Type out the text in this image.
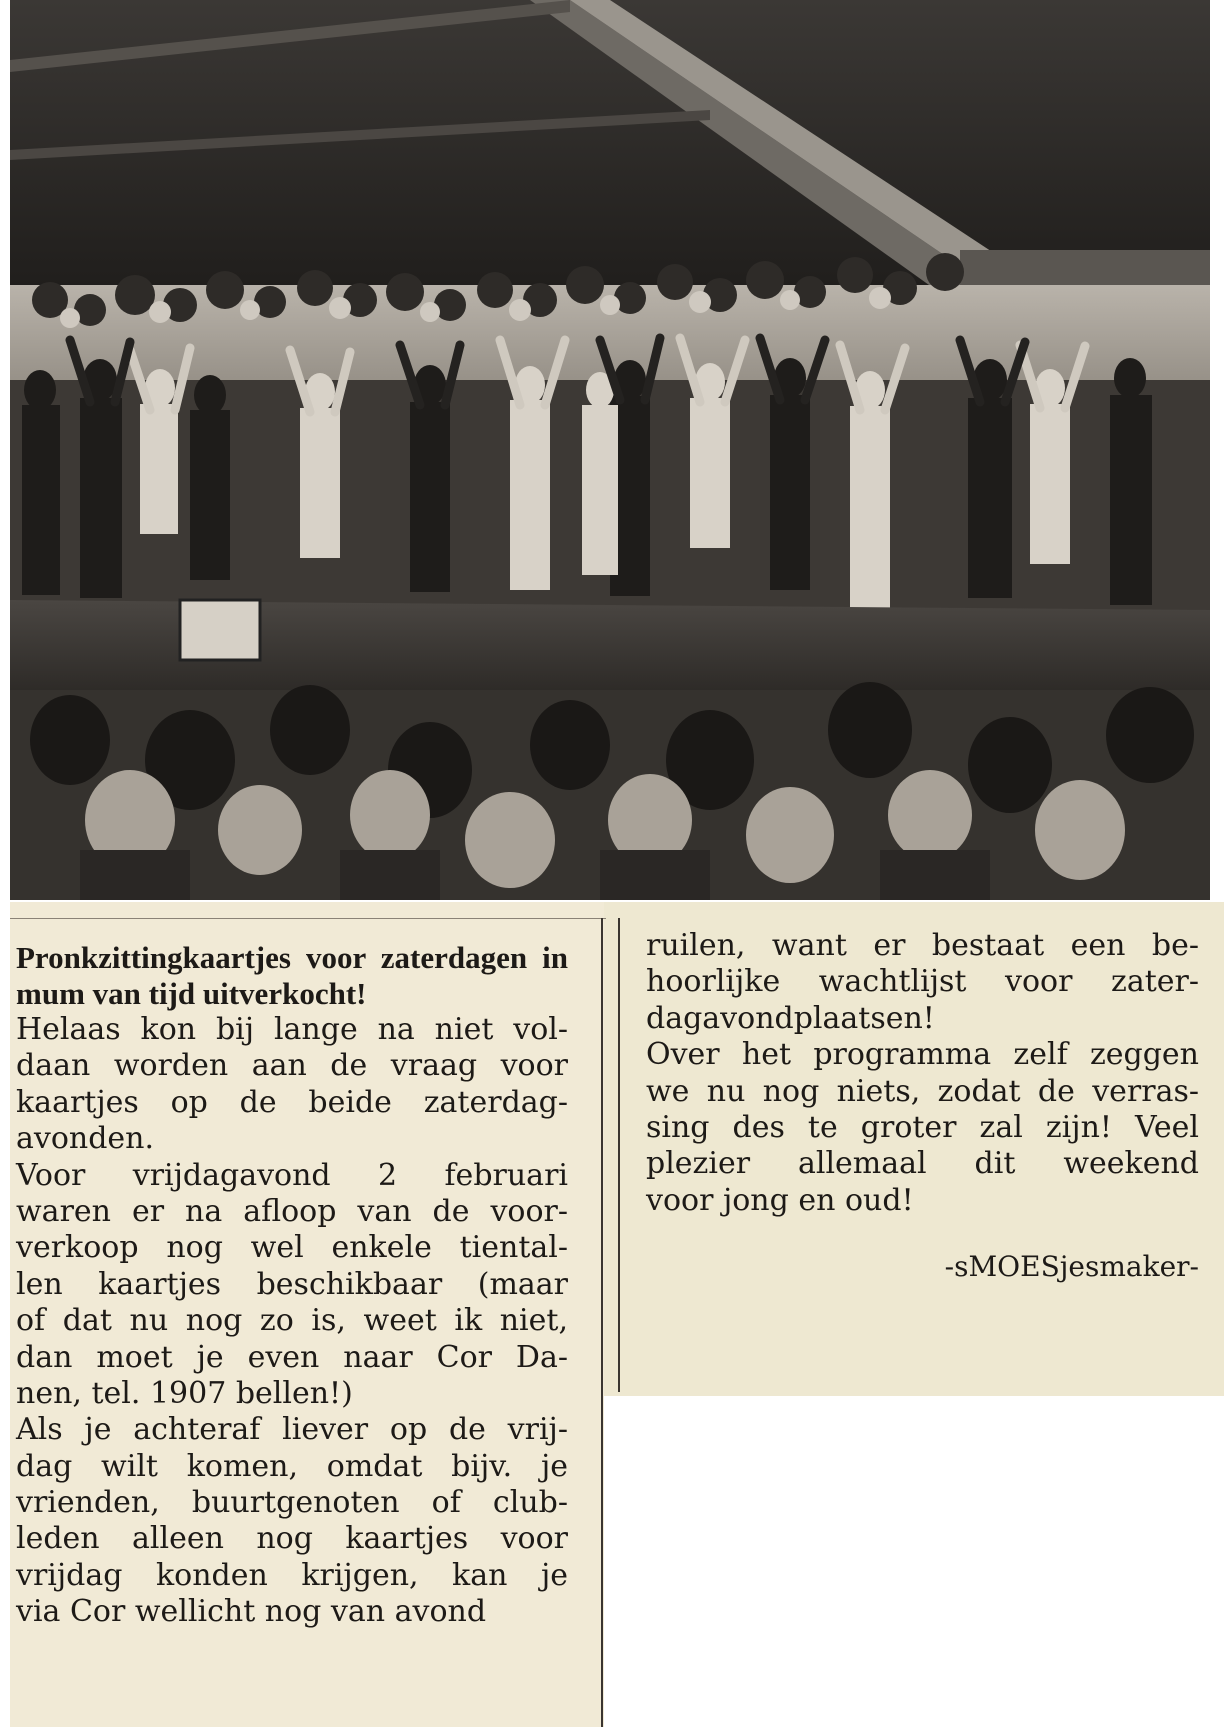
Pronkzittingkaartjes voor zaterdagen in mum van tijd uitverkocht!
Helaas kon bij lange na niet vol-
daan worden aan de vraag voor
kaartjes op de beide zaterdag-
avonden.
Voor vrijdagavond 2 februari
waren er na afloop van de voor-
verkoop nog wel enkele tiental-
len kaartjes beschikbaar (maar
of dat nu nog zo is, weet ik niet,
dan moet je even naar Cor Da-
nen, tel. 1907 bellen!)
Als je achteraf liever op de vrij-
dag wilt komen, omdat bijv. je
vrienden, buurtgenoten of club-
leden alleen nog kaartjes voor
vrijdag konden krijgen, kan je
via Cor wellicht nog van avond
ruilen, want er bestaat een be-
hoorlijke wachtlijst voor zater-
dagavondplaatsen!
Over het programma zelf zeggen
we nu nog niets, zodat de verras-
sing des te groter zal zijn! Veel
plezier allemaal dit weekend
voor jong en oud!
-sMOESjesmaker-
